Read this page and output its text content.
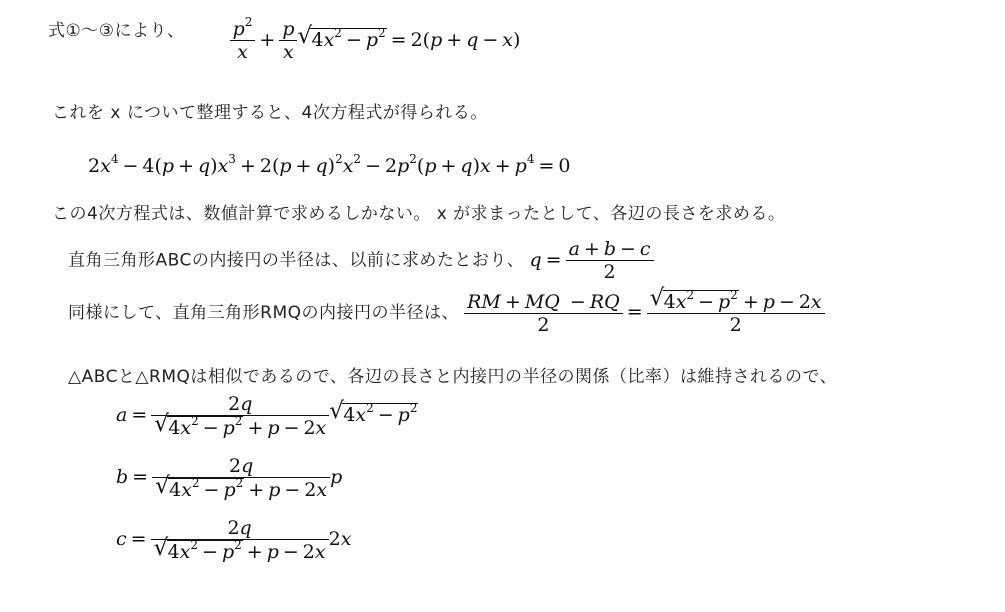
式①〜③により、 $\frac{p^2}{x} + \frac{p}{x}$ √ $4x^2 - p^2 = 2(p + q - x)$
これを x について整理すると、4次方程式が得られる。
$2x^4 - 4(p + q)x^3 + 2(p + q)^2x^2 - 2p^2(p + q)x + p^4 = 0$
この4次方程式は、数値計算で求めるしかない。 x が求まったとして、各辺の長さを求める。
直角三角形ABCの内接円の半径は、以前に求めたとおり、 $q = \frac{a + b - c}{2}$
同様にして、直角三角形RMQの内接円の半径は、 $\frac{RM + MQ - RQ}{2} = \frac{√ 4x^2 - p^2 + p - 2x}{2}$
△ABCと△RMQは相似であるので、各辺の長さと内接円の半径の関係（比率）は維持されるので、
$a = \frac{2q}{√ 4x^2 - p^2 + p - 2x}$ √ $4x^2 - p^2$
$b = \frac{2q}{√ 4x^2 - p^2 + p - 2x}$ p
$c = \frac{2q}{√ 4x^2 - p^2 + p - 2x} 2x$
